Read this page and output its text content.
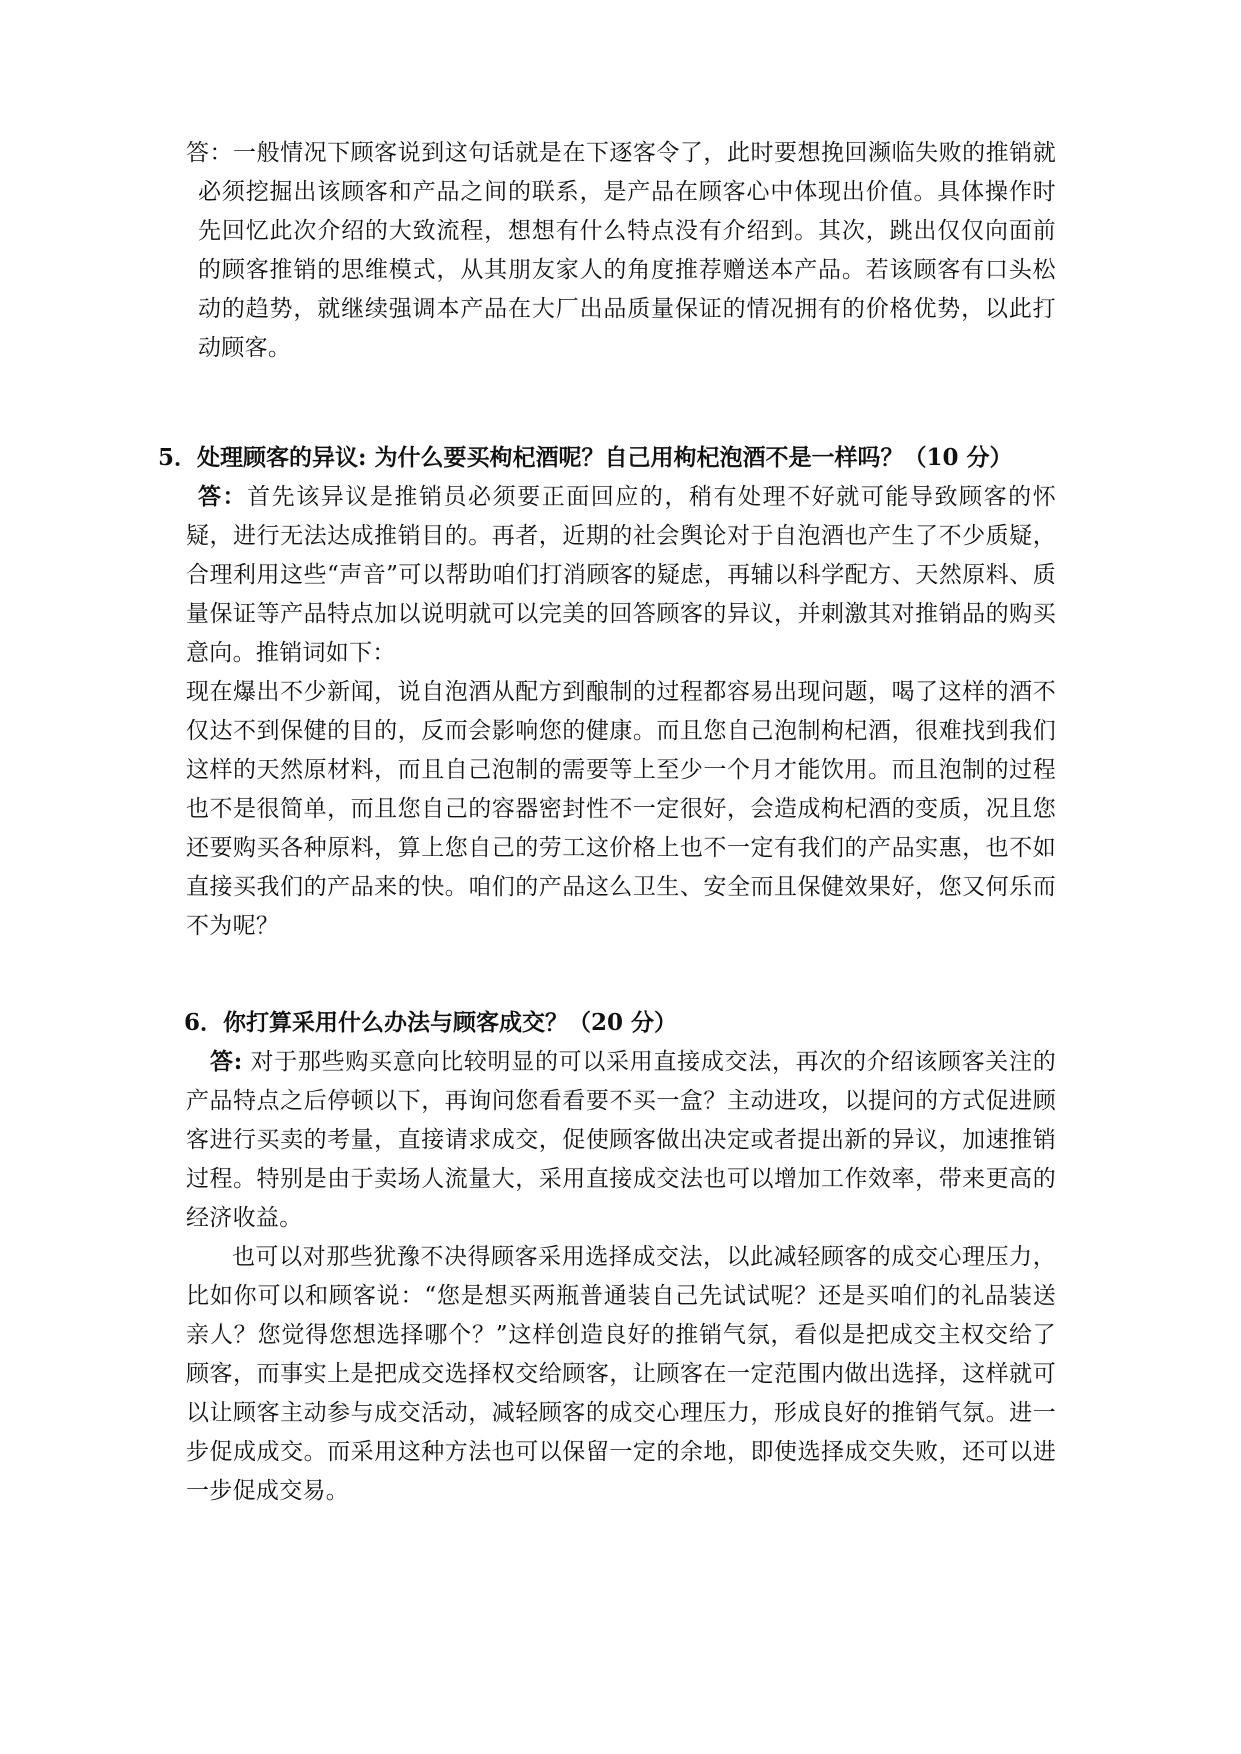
答：一般情况下顾客说到这句话就是在下逐客令了，此时要想挽回濒临失败的推销就必须挖掘出该顾客和产品之间的联系，是产品在顾客心中体现出价值。具体操作时先回忆此次介绍的大致流程，想想有什么特点没有介绍到。其次，跳出仅仅向面前的顾客推销的思维模式，从其朋友家人的角度推荐赠送本产品。若该顾客有口头松动的趋势，就继续强调本产品在大厂出品质量保证的情况拥有的价格优势，以此打动顾客。

5．处理顾客的异议: 为什么要买枸杞酒呢？自己用枸杞泡酒不是一样吗？（10 分）

答：首先该异议是推销员必须要正面回应的，稍有处理不好就可能导致顾客的怀疑，进行无法达成推销目的。再者，近期的社会舆论对于自泡酒也产生了不少质疑，合理利用这些“声音”可以帮助咱们打消顾客的疑虑，再辅以科学配方、天然原料、质量保证等产品特点加以说明就可以完美的回答顾客的异议，并刺激其对推销品的购买意向。推销词如下：

现在爆出不少新闻，说自泡酒从配方到酿制的过程都容易出现问题，喝了这样的酒不仅达不到保健的目的，反而会影响您的健康。而且您自己泡制枸杞酒，很难找到我们这样的天然原材料，而且自己泡制的需要等上至少一个月才能饮用。而且泡制的过程也不是很简单，而且您自己的容器密封性不一定很好，会造成枸杞酒的变质，况且您还要购买各种原料，算上您自己的劳工这价格上也不一定有我们的产品实惠，也不如直接买我们的产品来的快。咱们的产品这么卫生、安全而且保健效果好，您又何乐而不为呢？

6．你打算采用什么办法与顾客成交？（20 分）

答: 对于那些购买意向比较明显的可以采用直接成交法，再次的介绍该顾客关注的产品特点之后停顿以下，再询问您看看要不买一盒？主动进攻，以提问的方式促进顾客进行买卖的考量，直接请求成交，促使顾客做出决定或者提出新的异议，加速推销过程。特别是由于卖场人流量大，采用直接成交法也可以增加工作效率，带来更高的经济收益。

也可以对那些犹豫不决得顾客采用选择成交法，以此减轻顾客的成交心理压力，比如你可以和顾客说：“您是想买两瓶普通装自己先试试呢？还是买咱们的礼品装送亲人？您觉得您想选择哪个？”这样创造良好的推销气氛，看似是把成交主权交给了顾客，而事实上是把成交选择权交给顾客，让顾客在一定范围内做出选择，这样就可以让顾客主动参与成交活动，减轻顾客的成交心理压力，形成良好的推销气氛。进一步促成成交。而采用这种方法也可以保留一定的余地，即使选择成交失败，还可以进一步促成交易。
